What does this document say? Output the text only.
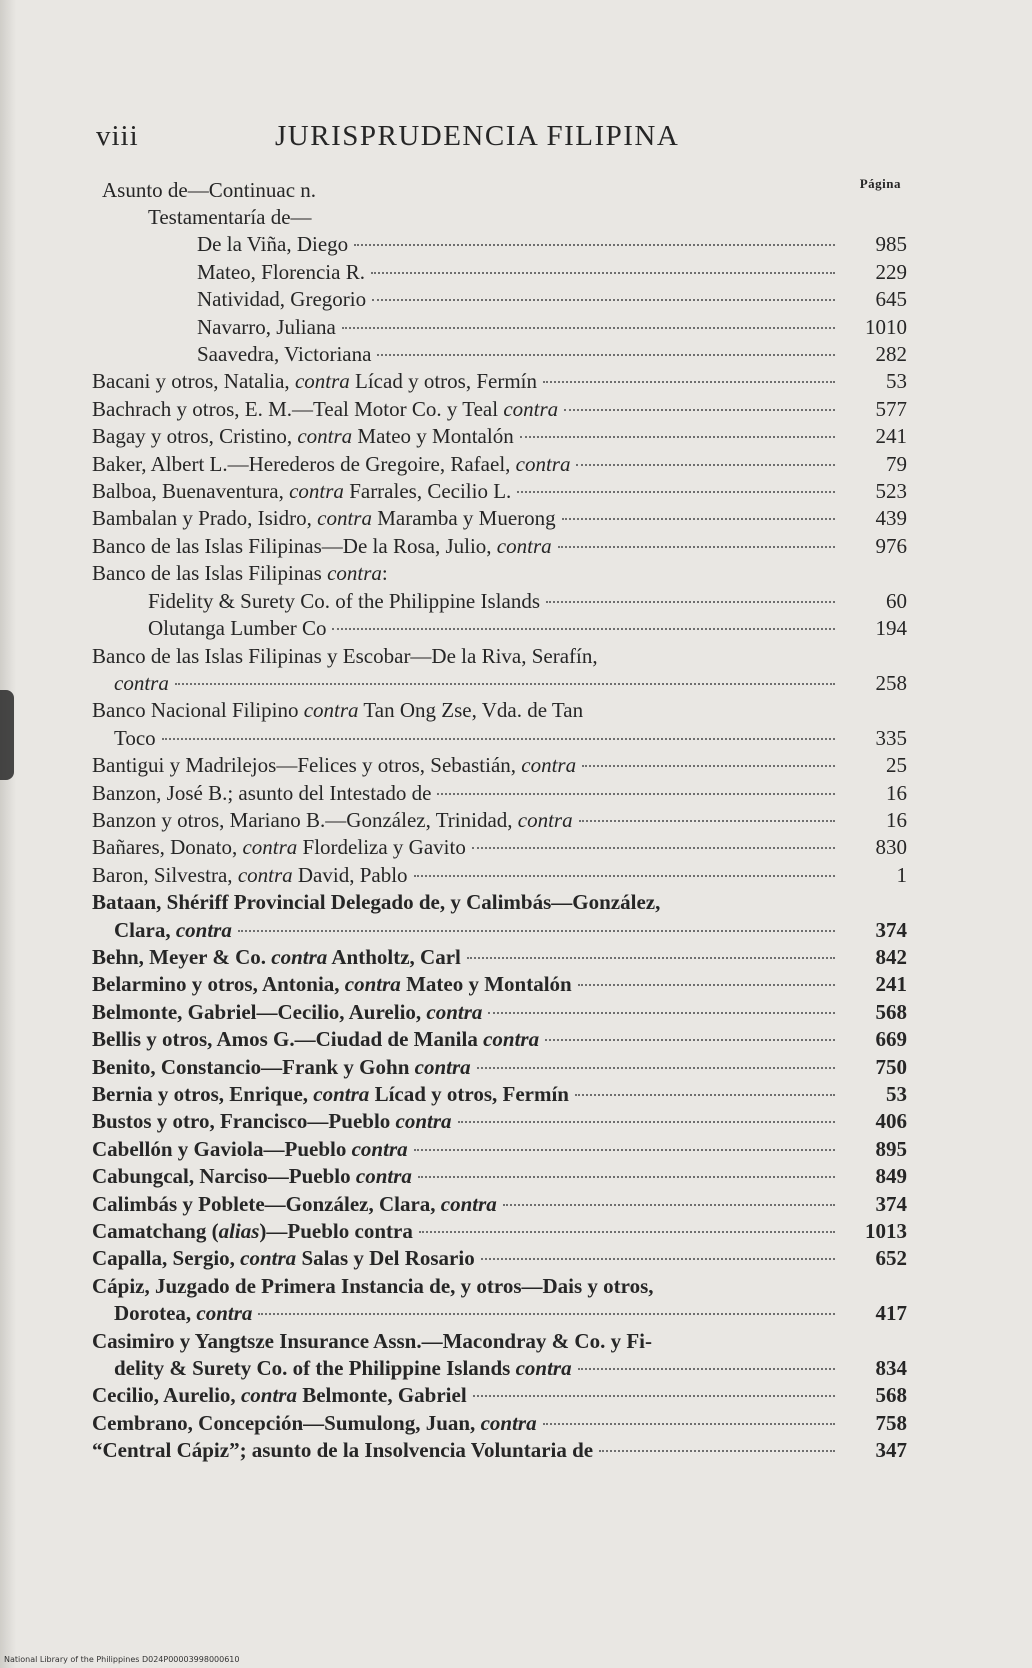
viii	JURISPRUDENCIA FILIPINA
Asunto de—Continuac n.	Página
Testamentaría de—
De la Viña, Diego	985
Mateo, Florencia R.	229
Natividad, Gregorio	645
Navarro, Juliana	1010
Saavedra, Victoriana	282
Bacani y otros, Natalia, contra Lícad y otros, Fermín	53
Bachrach y otros, E. M.—Teal Motor Co. y Teal contra	577
Bagay y otros, Cristino, contra Mateo y Montalón	241
Baker, Albert L.—Herederos de Gregoire, Rafael, contra	79
Balboa, Buenaventura, contra Farrales, Cecilio L.	523
Bambalan y Prado, Isidro, contra Maramba y Muerong	439
Banco de las Islas Filipinas—De la Rosa, Julio, contra	976
Banco de las Islas Filipinas contra:
Fidelity & Surety Co. of the Philippine Islands	60
Olutanga Lumber Co	194
Banco de las Islas Filipinas y Escobar—De la Riva, Serafín,
contra	258
Banco Nacional Filipino contra Tan Ong Zse, Vda. de Tan
Toco	335
Bantigui y Madrilejos—Felices y otros, Sebastián, contra	25
Banzon, José B.; asunto del Intestado de	16
Banzon y otros, Mariano B.—González, Trinidad, contra	16
Bañares, Donato, contra Flordeliza y Gavito	830
Baron, Silvestra, contra David, Pablo	1
Bataan, Shériff Provincial Delegado de, y Calimbás—González,
Clara, contra	374
Behn, Meyer & Co. contra Antholtz, Carl	842
Belarmino y otros, Antonia, contra Mateo y Montalón	241
Belmonte, Gabriel—Cecilio, Aurelio, contra	568
Bellis y otros, Amos G.—Ciudad de Manila contra	669
Benito, Constancio—Frank y Gohn contra	750
Bernia y otros, Enrique, contra Lícad y otros, Fermín	53
Bustos y otro, Francisco—Pueblo contra	406
Cabellón y Gaviola—Pueblo contra	895
Cabungcal, Narciso—Pueblo contra	849
Calimbás y Poblete—González, Clara, contra	374
Camatchang (alias)—Pueblo contra	1013
Capalla, Sergio, contra Salas y Del Rosario	652
Cápiz, Juzgado de Primera Instancia de, y otros—Dais y otros,
Dorotea, contra	417
Casimiro y Yangtsze Insurance Assn.—Macondray & Co. y Fi-
delity & Surety Co. of the Philippine Islands contra	834
Cecilio, Aurelio, contra Belmonte, Gabriel	568
Cembrano, Concepción—Sumulong, Juan, contra	758
“Central Cápiz”; asunto de la Insolvencia Voluntaria de	347
National Library of the Philippines D024P00003998000610
